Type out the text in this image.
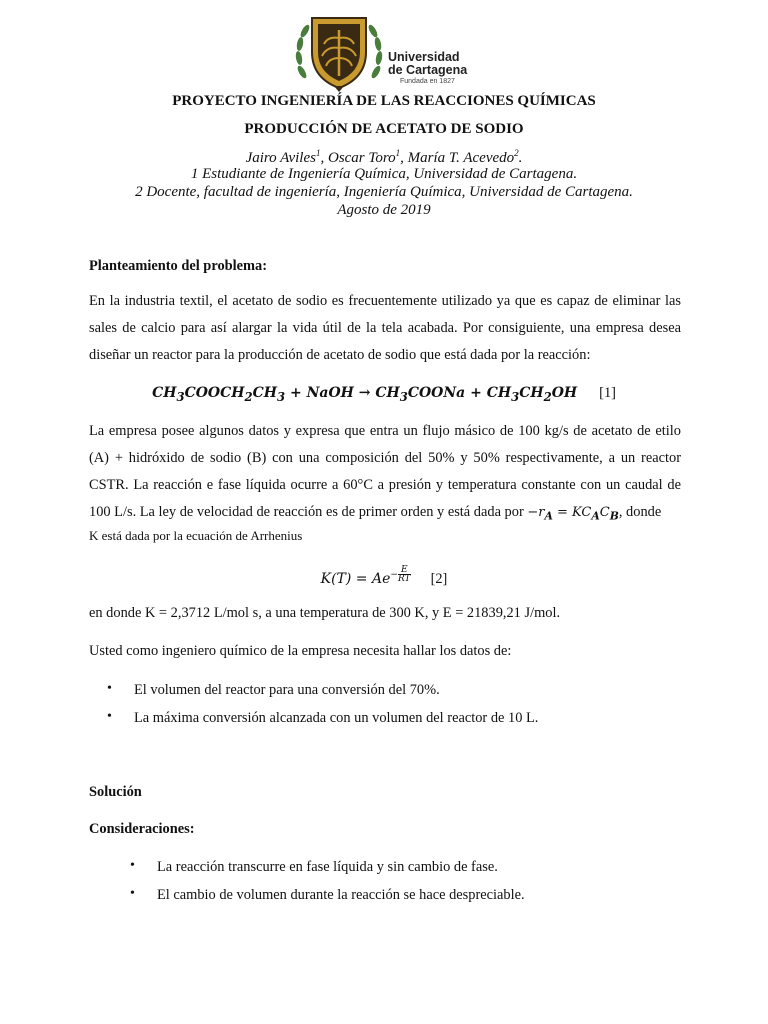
Universidad
de Cartagena
Fundada en 1827
PROYECTO INGENIERÍA DE LAS REACCIONES QUÍMICAS
PRODUCCIÓN DE ACETATO DE SODIO
Jairo Aviles$^1$, Oscar Toro$^1$, María T. Acevedo$^2$.
1 Estudiante de Ingeniería Química, Universidad de Cartagena.
2 Docente, facultad de ingeniería, Ingeniería Química, Universidad de Cartagena.
Agosto de 2019
Planteamiento del problema:
En la industria textil, el acetato de sodio es frecuentemente utilizado ya que es capaz de eliminar las sales de calcio para así alargar la vida útil de la tela acabada. Por consiguiente, una empresa desea diseñar un reactor para la producción de acetato de sodio que está dada por la reacción:
$CH_3COOCH_2CH_3$ + NaOH → $CH_3COONa + CH_3CH_2OH$ [1]
La empresa posee algunos datos y expresa que entra un flujo másico de 100 kg/s de acetato de etilo (A) + hidróxido de sodio (B) con una composición del 50% y 50% respectivamente, a un reactor CSTR. La reacción e fase líquida ocurre a 60°C a presión y temperatura constante con un caudal de 100 L/s. La ley de velocidad de reacción es de primer orden y está dada por $-r_A = KC_AC_B$, donde
K está dada por la ecuación de Arrhenius
$K(T) = Ae^{- \frac{E}{RT}}$ [2]
en donde K = 2,3712 L/mol s, a una temperatura de 300 K, y E = 21839,21 J/mol.
Usted como ingeniero químico de la empresa necesita hallar los datos de:
• El volumen del reactor para una conversión del 70%.
• La máxima conversión alcanzada con un volumen del reactor de 10 L.
Solución
Consideraciones:
• La reacción transcurre en fase líquida y sin cambio de fase.
• El cambio de volumen durante la reacción se hace despreciable.
